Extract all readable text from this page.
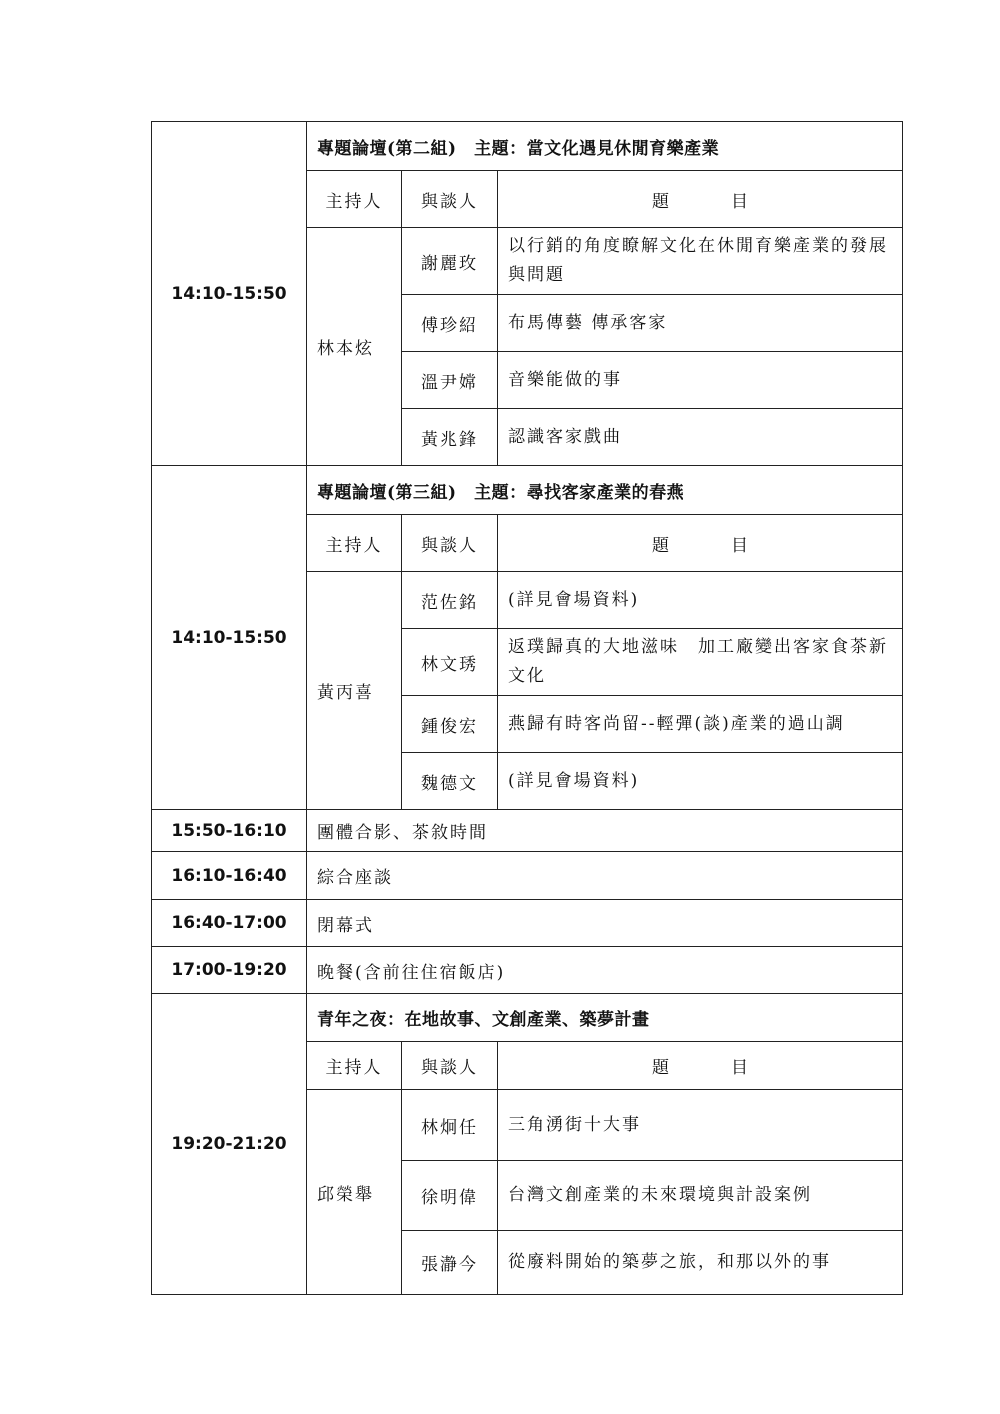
14:10-15:50	專題論壇(第二組)　主題：當文化遇見休閒育樂產業		
	主持人	與談人	題 目
	林本炫	謝麗玫	以行銷的角度瞭解文化在休閒育樂產業的發展與問題
		傅珍紹	布馬傳藝 傳承客家
		溫尹嫦	音樂能做的事
		黃兆鋒	認識客家戲曲
14:10-15:50	專題論壇(第三組)　主題：尋找客家產業的春燕		
	主持人	與談人	題 目
	黃丙喜	范佐銘	(詳見會場資料)
		林文琇	返璞歸真的大地滋味　加工廠變出客家食茶新文化
		鍾俊宏	燕歸有時客尚留--輕彈(談)產業的過山調
		魏德文	(詳見會場資料)
15:50-16:10	團體合影、茶敘時間		
16:10-16:40	綜合座談		
16:40-17:00	閉幕式		
17:00-19:20	晚餐(含前往住宿飯店)		
19:20-21:20	青年之夜：在地故事、文創產業、築夢計畫		
	主持人	與談人	題 目
	邱榮舉	林炯任	三角湧街十大事
		徐明偉	台灣文創產業的未來環境與計設案例
		張瀞今	從廢料開始的築夢之旅，和那以外的事
